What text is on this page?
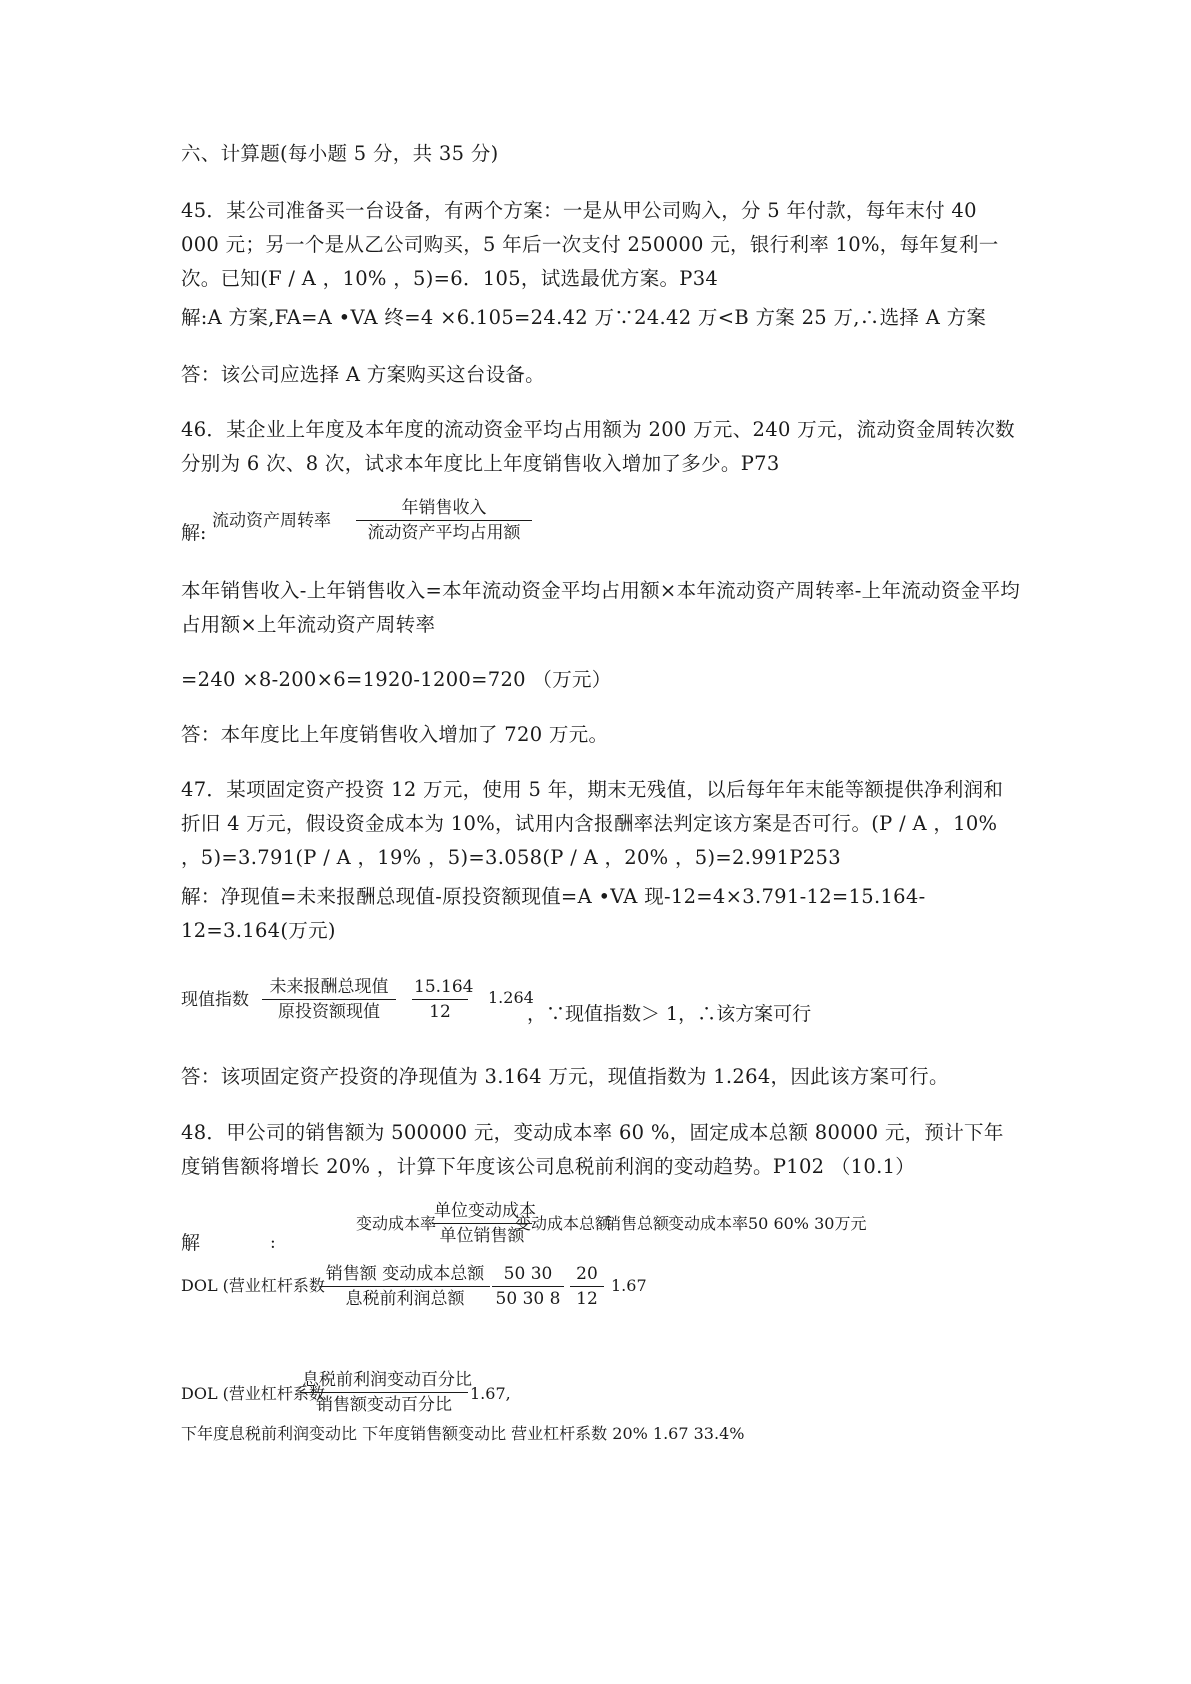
六、计算题(每小题 5 分，共 35 分)

45．某公司准备买一台设备，有两个方案：一是从甲公司购入，分 5 年付款，每年末付 40 000 元；另一个是从乙公司购买，5 年后一次支付 250000 元，银行利率 10%，每年复利一次。已知(F / A ，10% ，5)=6．105，试选最优方案。P34

解:A 方案,FA=A •VA 终=4 ×6.105=24.42 万∵24.42 万<B 方案 25 万,∴选择 A 方案

答：该公司应选择 A 方案购买这台设备。

46．某企业上年度及本年度的流动资金平均占用额为 200 万元、240 万元，流动资金周转次数分别为 6 次、8 次，试求本年度比上年度销售收入增加了多少。P73

解:
流动资产周转率
年销售收入
流动资产平均占用额

本年销售收入-上年销售收入=本年流动资金平均占用额×本年流动资产周转率-上年流动资金平均占用额×上年流动资产周转率

=240 ×8-200×6=1920-1200=720 （万元）

答：本年度比上年度销售收入增加了 720 万元。

47．某项固定资产投资 12 万元，使用 5 年，期末无残值，以后每年年末能等额提供净利润和折旧 4 万元，假设资金成本为 10%，试用内含报酬率法判定该方案是否可行。(P / A ，10% ，5)=3.791(P / A ，19% ，5)=3.058(P / A ，20% ，5)=2.991P253

解：净现值=未来报酬总现值-原投资额现值=A •VA 现-12=4×3.791-12=15.164-12=3.164(万元)

现值指数
未来报酬总现值
原投资额现值	$\frac{15.164}{12} 1.264$
，∵现值指数＞ 1，∴该方案可行

答：该项固定资产投资的净现值为 3.164 万元，现值指数为 1.264，因此该方案可行。

48．甲公司的销售额为 500000 元，变动成本率 60 %，固定成本总额 80000 元，预计下年度销售额将增长 20% ，计算下年度该公司息税前利润的变动趋势。P102 （10.1）

解	:
变动成本率
单位变动成本
单位销售额
变动成本总额
销售总额
变动成本率 50 60% 30万元
DOL (营业杠杆系数
销售额 变动成本总额
息税前利润总额	$\frac{50 30}{50 30 8} \frac{20}{12} 1.67$
DOL (营业杠杆系数
息税前利润变动百分比
销售额变动百分比
1.67,
下年度息税前利润变动比 下年度销售额变动比 营业杠杆系数 20% 1.67 33.4%
